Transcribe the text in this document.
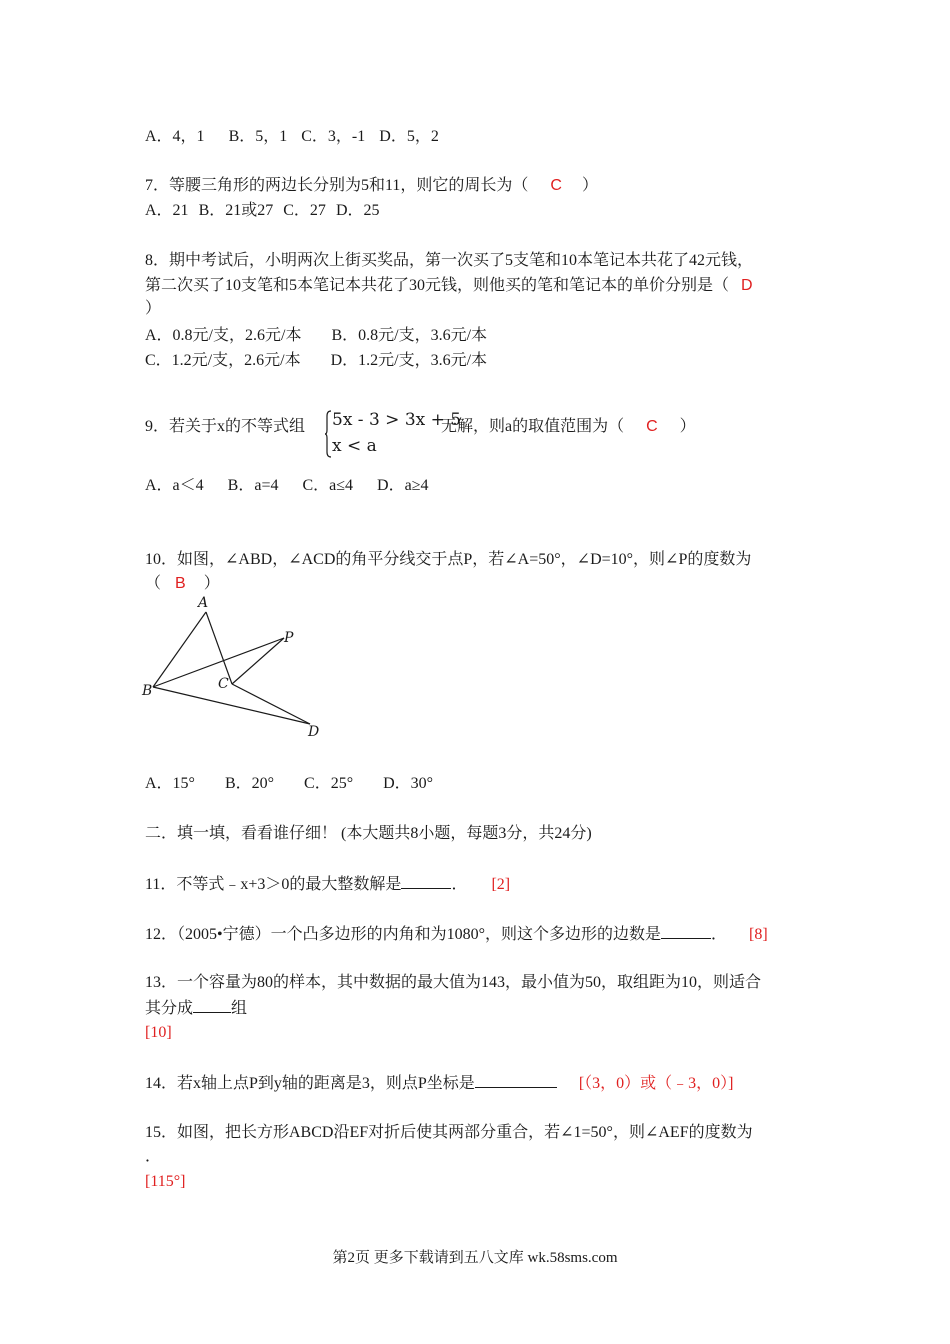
A．4，1 B．5，1 C．3，-1 D．5，2
7．等腰三角形的两边长分别为5和11，则它的周长为（ C ）
A．21 B．21或27 C．27 D．25
8．期中考试后，小明两次上街买奖品，第一次买了5支笔和10本笔记本共花了42元钱，
第二次买了10支笔和5本笔记本共花了30元钱，则他买的笔和笔记本的单价分别是（ D
）
A．0.8元/支，2.6元/本 B．0.8元/支，3.6元/本
C．1.2元/支，2.6元/本 D．1.2元/支，3.6元/本
9．若关于x的不等式组 5x - 3 > 3x + 5
x < a
无解，则a的取值范围为（ C ）
A．a＜4 B．a=4 C．a≤4 D．a≥4
10．如图，∠ABD，∠ACD的角平分线交于点P，若∠A=50°，∠D=10°，则∠P的度数为
（ B ）
A
B	C
D
P
A．15° B．20° C．25° D．30°
二．填一填，看看谁仔细！ (本大题共8小题，每题3分，共24分)
11．不等式﹣x+3＞0的最大整数解是	． [2]
12．（2005•宁德）一个凸多边形的内角和为1080°，则这个多边形的边数是	． [8]
13．一个容量为80的样本，其中数据的最大值为143，最小值为50，取组距为10，则适合
其分成 组
[10]
14．若x轴上点P到y轴的距离是3，则点P坐标是	[（3，0）或（﹣3，0）]
15．如图，把长方形ABCD沿EF对折后使其两部分重合，若∠1=50°，则∠AEF的度数为
．
[115°]
第2页 更多下载请到五八文库 wk.58sms.com
